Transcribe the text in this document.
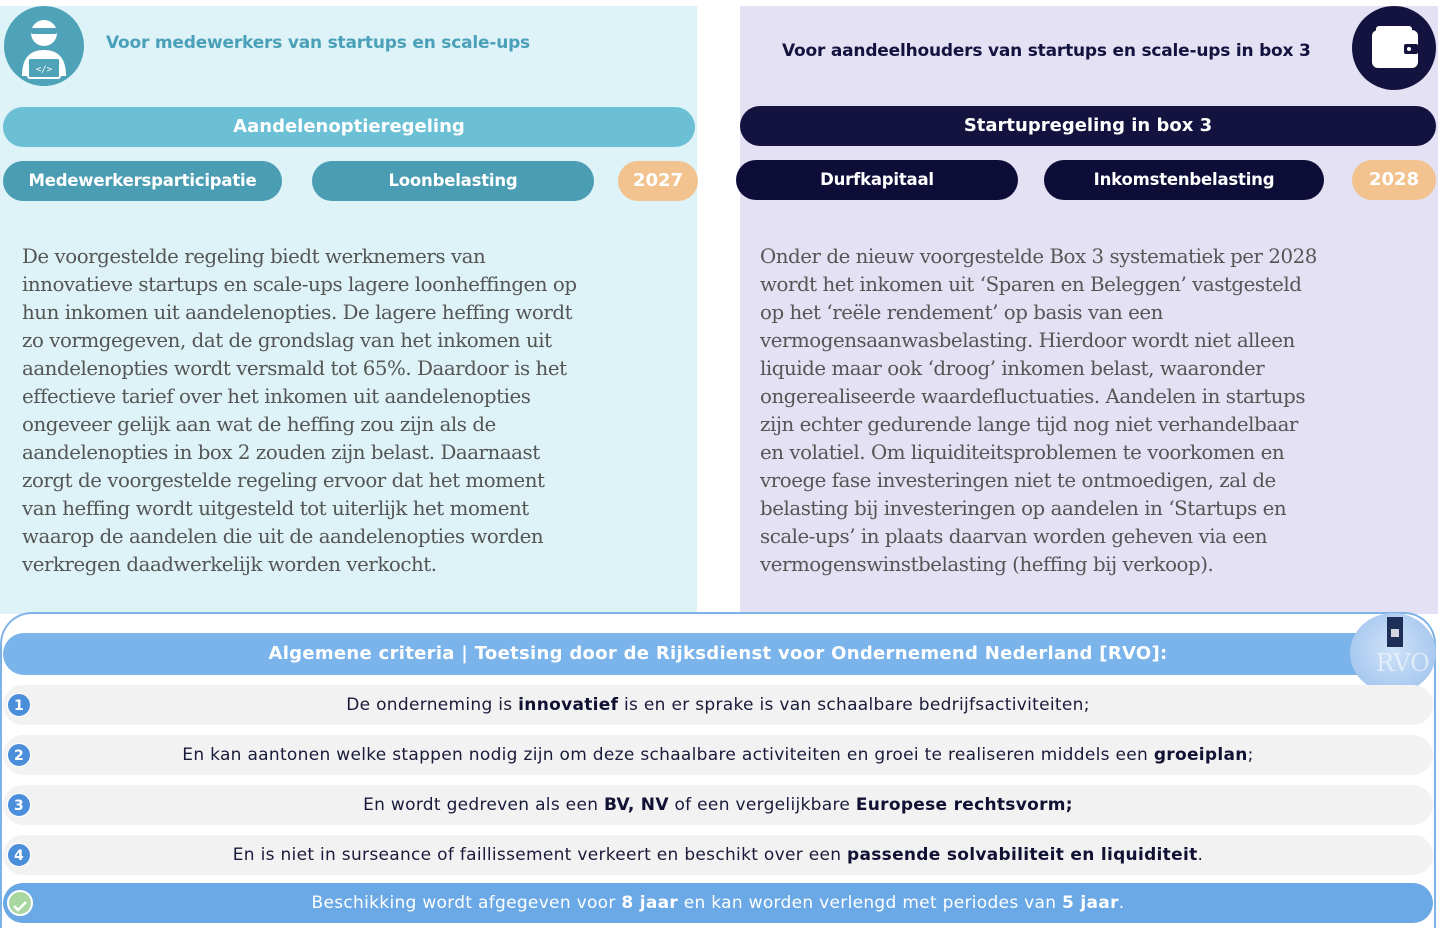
</>
Voor medewerkers van startups en scale-ups
Aandelenoptieregeling
Medewerkersparticipatie	Loonbelasting	2027
De voorgestelde regeling biedt werknemers van
innovatieve startups en scale-ups lagere loonheffingen op
hun inkomen uit aandelenopties. De lagere heffing wordt
zo vormgegeven, dat de grondslag van het inkomen uit
aandelenopties wordt versmald tot 65%. Daardoor is het
effectieve tarief over het inkomen uit aandelenopties
ongeveer gelijk aan wat de heffing zou zijn als de
aandelenopties in box 2 zouden zijn belast. Daarnaast
zorgt de voorgestelde regeling ervoor dat het moment
van heffing wordt uitgesteld tot uiterlijk het moment
waarop de aandelen die uit de aandelenopties worden
verkregen daadwerkelijk worden verkocht.
Voor aandeelhouders van startups en scale-ups in box 3
Startupregeling in box 3
Durfkapitaal	Inkomstenbelasting	2028
Onder de nieuw voorgestelde Box 3 systematiek per 2028
wordt het inkomen uit ‘Sparen en Beleggen’ vastgesteld
op het ‘reële rendement’ op basis van een
vermogensaanwasbelasting. Hierdoor wordt niet alleen
liquide maar ook ‘droog’ inkomen belast, waaronder
ongerealiseerde waardefluctuaties. Aandelen in startups
zijn echter gedurende lange tijd nog niet verhandelbaar
en volatiel. Om liquiditeitsproblemen te voorkomen en
vroege fase investeringen niet te ontmoedigen, zal de
belasting bij investeringen op aandelen in ‘Startups en
scale-ups’ in plaats daarvan worden geheven via een
vermogenswinstbelasting (heffing bij verkoop).
Algemene criteria | Toetsing door de Rijksdienst voor Ondernemend Nederland [RVO]:	RVO
1	De onderneming is innovatief is en er sprake is van schaalbare bedrijfsactiviteiten;
2	En kan aantonen welke stappen nodig zijn om deze schaalbare activiteiten en groei te realiseren middels een groeiplan;
3	En wordt gedreven als een BV, NV of een vergelijkbare Europese rechtsvorm;
4	En is niet in surseance of faillissement verkeert en beschikt over een passende solvabiliteit en liquiditeit.
Beschikking wordt afgegeven voor 8 jaar en kan worden verlengd met periodes van 5 jaar.
